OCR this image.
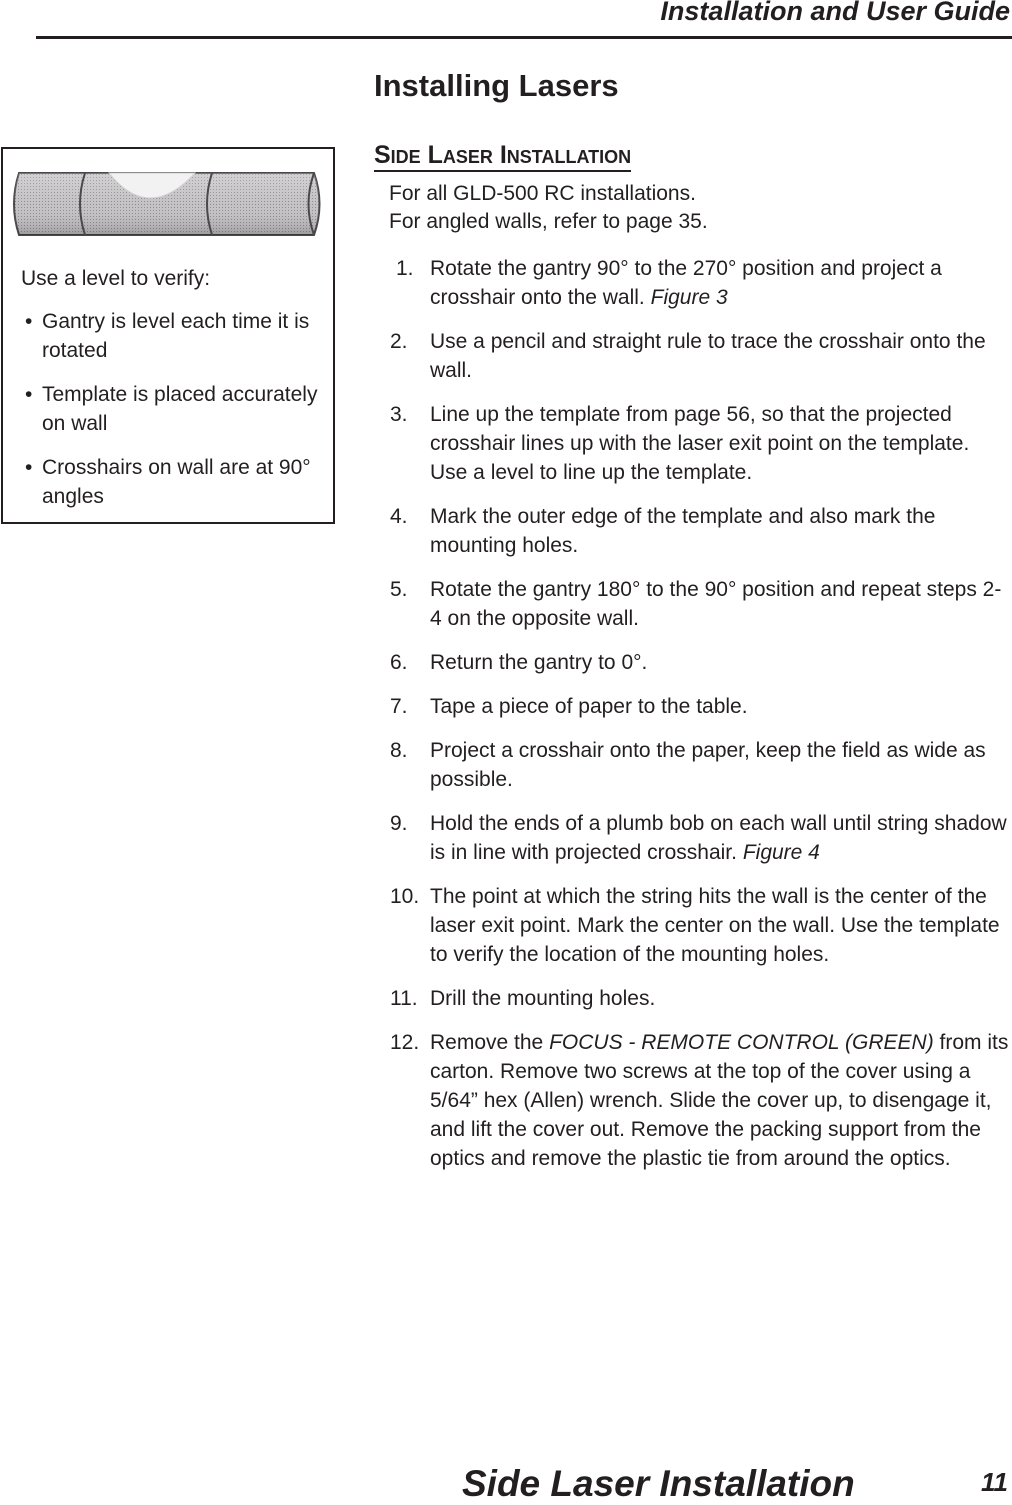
Installation and User Guide
Installing Lasers
Side Laser Installation
For all GLD-500 RC installations.
For angled walls, refer to page 35.
Use a level to verify:
• Gantry is level each time it is rotated
• Template is placed accurately on wall
• Crosshairs on wall are at 90° angles
1. Rotate the gantry 90° to the 270° position and project a crosshair onto the wall. Figure 3
2. Use a pencil and straight rule to trace the crosshair onto the wall.
3. Line up the template from page 56, so that the projected crosshair lines up with the laser exit point on the template. Use a level to line up the template.
4. Mark the outer edge of the template and also mark the mounting holes.
5. Rotate the gantry 180° to the 90° position and repeat steps 2-4 on the opposite wall.
6. Return the gantry to 0°.
7. Tape a piece of paper to the table.
8. Project a crosshair onto the paper, keep the field as wide as possible.
9. Hold the ends of a plumb bob on each wall until string shadow is in line with projected crosshair. Figure 4
10. The point at which the string hits the wall is the center of the laser exit point. Mark the center on the wall. Use the template to verify the location of the mounting holes.
11. Drill the mounting holes.
12. Remove the FOCUS - REMOTE CONTROL (GREEN) from its carton. Remove two screws at the top of the cover using a 5/64” hex (Allen) wrench. Slide the cover up, to disengage it, and lift the cover out. Remove the packing support from the optics and remove the plastic tie from around the optics.
Side Laser Installation	11
